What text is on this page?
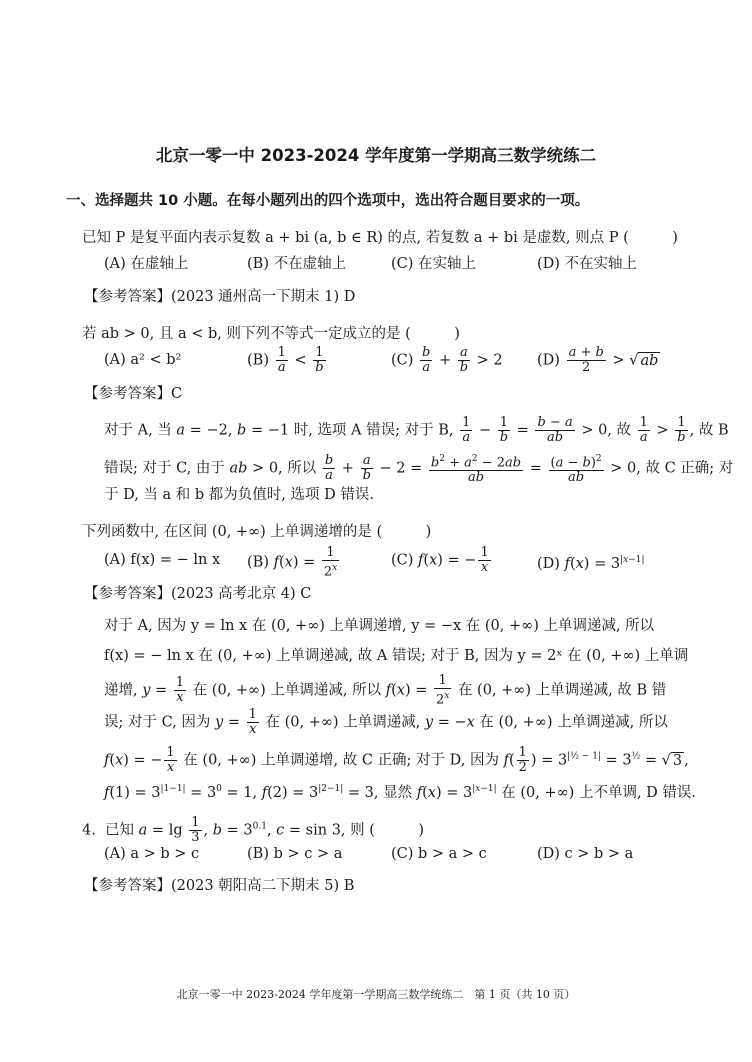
北京一零一中 2023-2024 学年度第一学期高三数学统练二
一、选择题共 10 小题。在每小题列出的四个选项中，选出符合题目要求的一项。
已知 P 是复平面内表示复数 a + bi (a, b ∈ R) 的点, 若复数 a + bi 是虚数, 则点 P (　　　)
(A) 在虚轴上	(B) 不在虚轴上	(C) 在实轴上	(D) 不在实轴上
【参考答案】(2023 通州高一下期末 1) D
若 ab > 0, 且 a < b, 则下列不等式一定成立的是 (　　　)
(A) a² < b²	$(B) \frac{1}{a} < \frac{1}{b}$	$(C) \frac{b}{a} + \frac{a}{b} > 2$ $(D) \frac{a + b}{2}$ > √ ab
【参考答案】C
对于 A, 当 a = −2, b = −1 时, 选项 A 错误; 对于 B, $\frac{1}{a} - \frac{1}{b} = \frac{b - a}{ab} > 0$, 故 $\frac{1}{a} > \frac{1}{b}$ , 故 B
错误; 对于 C, 由于 ab > 0, 所以 $\frac{b}{a} + \frac{a}{b} - 2 = \frac{b^2 + a^2 - 2ab}{ab} = \frac{(a - b)^2}{ab} > 0$, 故 C 正确; 对
于 D, 当 a 和 b 都为负值时, 选项 D 错误.
下列函数中, 在区间 (0, +∞) 上单调递增的是 (　　　)
(A) f(x) = − ln x (B) $f(x) = \frac{1}{2^x}$	(C) f(x) = − $\frac{1}{x}$	(D) $f(x) = 3^{|x-1|}$
【参考答案】(2023 高考北京 4) C
对于 A, 因为 y = ln x 在 (0, +∞) 上单调递增, y = −x 在 (0, +∞) 上单调递减, 所以
f(x) = − ln x 在 (0, +∞) 上单调递减, 故 A 错误; 对于 B, 因为 y = 2ˣ 在 (0, +∞) 上单调
递增, $y = \frac{1}{x}$ 在 (0, +∞) 上单调递减, 所以 $f(x) = \frac{1}{2^x}$ 在 (0, +∞) 上单调递减, 故 B 错
误; 对于 C, 因为 $y = \frac{1}{x}$ 在 (0, +∞) 上单调递减, y = −x 在 (0, +∞) 上单调递减, 所以
f(x) = − $\frac{1}{x}$ 在 (0, +∞) 上单调递增, 故 C 正确; 对于 D, 因为 $f( \frac{1}{2}$ ) = $3^{|\frac{1}{2} - 1|} = 3^{\frac{1}{2}}$ = √ 3 ,
$f(1) = 3^{|1-1|} = 3^0 = 1$, $f(2) = 3^{|2-1|} = 3$, 显然 $f(x) = 3^{|x-1|}$ 在 (0, +∞) 上不单调, D 错误.
4.  已知 $a = \lg \frac{1}{3}$ , $b = 3^{0.1}$, c = sin 3, 则 (　　　)
(A) a > b > c	(B) b > c > a	(C) b > a > c	(D) c > b > a
【参考答案】(2023 朝阳高二下期末 5) B
北京一零一中 2023-2024 学年度第一学期高三数学统练二　第 1 页（共 10 页）
